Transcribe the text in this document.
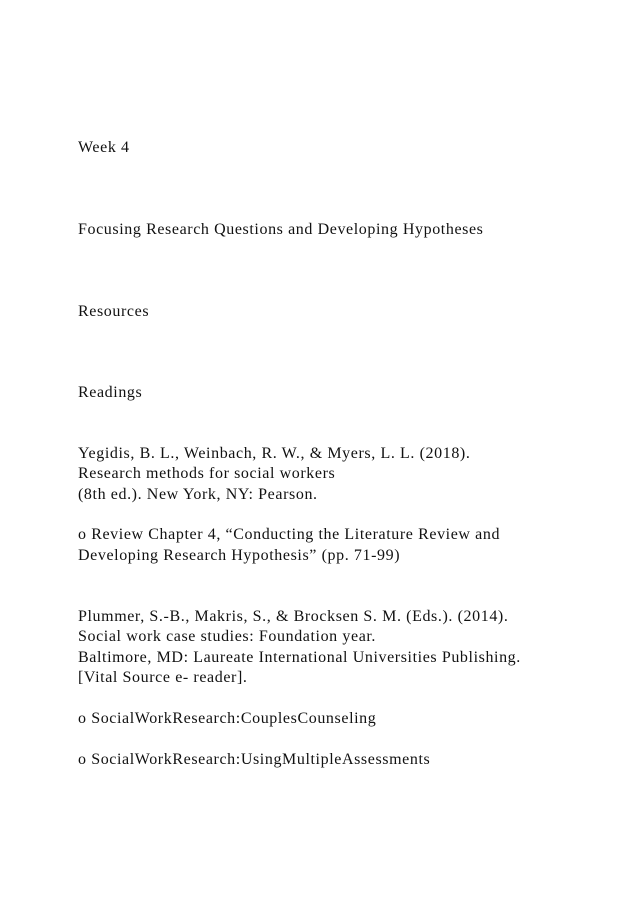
Week 4
Focusing Research Questions and Developing Hypotheses
Resources
Readings
Yegidis, B. L., Weinbach, R. W., & Myers, L. L. (2018).
Research methods for social workers
(8th ed.). New York, NY: Pearson.
o Review Chapter 4, “Conducting the Literature Review and
Developing Research Hypothesis” (pp. 71-99)
Plummer, S.-B., Makris, S., & Brocksen S. M. (Eds.). (2014).
Social work case studies: Foundation year.
Baltimore, MD: Laureate International Universities Publishing.
[Vital Source e- reader].
o SocialWorkResearch:CouplesCounseling
o SocialWorkResearch:UsingMultipleAssessments
